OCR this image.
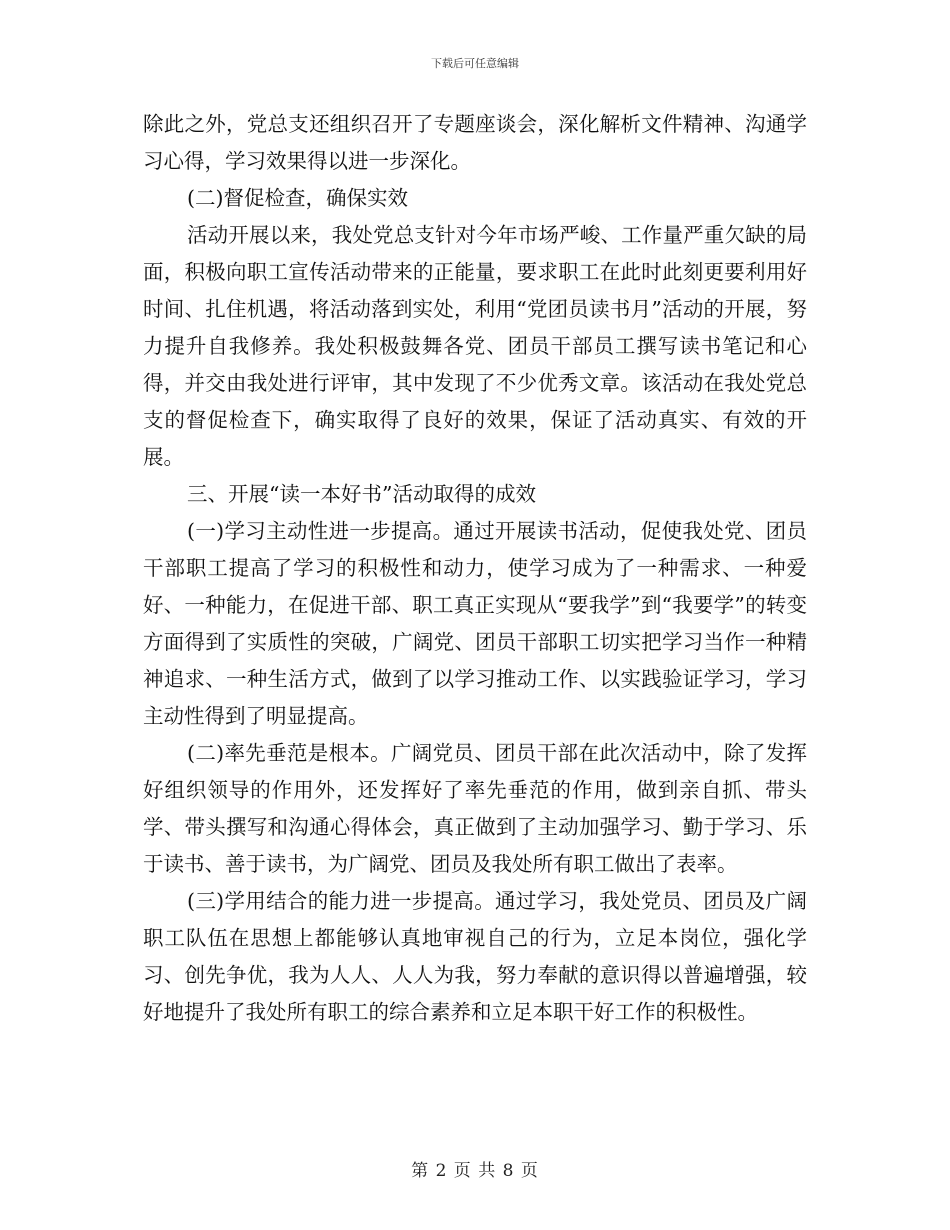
下载后可任意编辑

除此之外，党总支还组织召开了专题座谈会，深化解析文件精神、沟通学习心得，学习效果得以进一步深化。

(二)督促检查，确保实效

活动开展以来，我处党总支针对今年市场严峻、工作量严重欠缺的局面，积极向职工宣传活动带来的正能量，要求职工在此时此刻更要利用好时间、扎住机遇，将活动落到实处，利用“党团员读书月”活动的开展，努力提升自我修养。我处积极鼓舞各党、团员干部员工撰写读书笔记和心得，并交由我处进行评审，其中发现了不少优秀文章。该活动在我处党总支的督促检查下，确实取得了良好的效果，保证了活动真实、有效的开展。

三、开展“读一本好书”活动取得的成效

(一)学习主动性进一步提高。通过开展读书活动，促使我处党、团员干部职工提高了学习的积极性和动力，使学习成为了一种需求、一种爱好、一种能力，在促进干部、职工真正实现从“要我学”到“我要学”的转变方面得到了实质性的突破，广阔党、团员干部职工切实把学习当作一种精神追求、一种生活方式，做到了以学习推动工作、以实践验证学习，学习主动性得到了明显提高。

(二)率先垂范是根本。广阔党员、团员干部在此次活动中，除了发挥好组织领导的作用外，还发挥好了率先垂范的作用，做到亲自抓、带头学、带头撰写和沟通心得体会，真正做到了主动加强学习、勤于学习、乐于读书、善于读书，为广阔党、团员及我处所有职工做出了表率。

(三)学用结合的能力进一步提高。通过学习，我处党员、团员及广阔职工队伍在思想上都能够认真地审视自己的行为，立足本岗位，强化学习、创先争优，我为人人、人人为我，努力奉献的意识得以普遍增强，较好地提升了我处所有职工的综合素养和立足本职干好工作的积极性。

第 2 页 共 8 页
